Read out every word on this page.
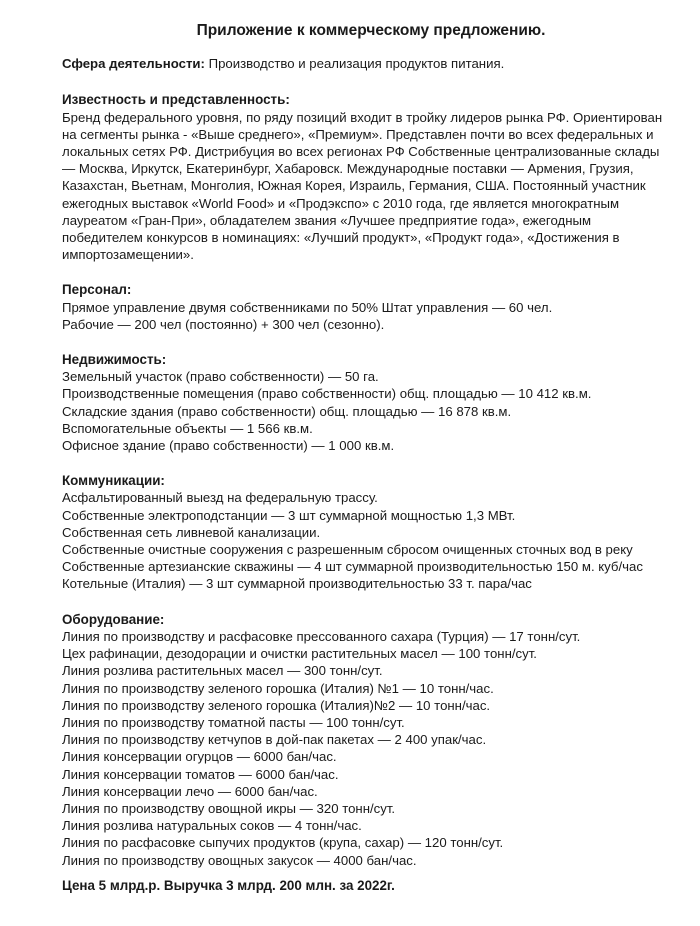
Приложение к коммерческому предложению.
Сфера деятельности: Производство и реализация продуктов питания.
Известность и представленность:

Бренд федерального уровня, по ряду позиций входит в тройку лидеров рынка РФ. Ориентирован на сегменты рынка - «Выше среднего», «Премиум». Представлен почти во всех федеральных и локальных сетях РФ. Дистрибуция во всех регионах РФ Собственные централизованные склады — Москва, Иркутск, Екатеринбург, Хабаровск. Международные поставки — Армения, Грузия, Казахстан, Вьетнам, Монголия, Южная Корея, Израиль, Германия, США. Постоянный участник ежегодных выставок «World Food» и «Продэкспо» с 2010 года, где является многократным лауреатом «Гран-При», обладателем звания «Лучшее предприятие года», ежегодным победителем конкурсов в номинациях: «Лучший продукт», «Продукт года», «Достижения в импортозамещении».

Персонал:
Прямое управление двумя собственниками по 50% Штат управления — 60 чел.
Рабочие — 200 чел (постоянно) + 300 чел (сезонно).
Недвижимость:
Земельный участок (право собственности) — 50 га.
Производственные помещения (право собственности) общ. площадью — 10 412 кв.м.
Складские здания (право собственности) общ. площадью — 16 878 кв.м.
Вспомогательные объекты — 1 566 кв.м.
Офисное здание (право собственности) — 1 000 кв.м.
Коммуникации:
Асфальтированный выезд на федеральную трассу.
Собственные электроподстанции — 3 шт суммарной мощностью 1,3 МВт.
Собственная сеть ливневой канализации.
Собственные очистные сооружения с разрешенным сбросом очищенных сточных вод в реку Собственные артезианские скважины — 4 шт суммарной производительностью 150 м. куб/час Котельные (Италия) — 3 шт суммарной производительностью 33 т. пара/час
Оборудование:
Линия по производству и расфасовке прессованного сахара (Турция) — 17 тонн/сут.
Цех рафинации, дезодорации и очистки растительных масел — 100 тонн/сут.
Линия розлива растительных масел — 300 тонн/сут.
Линия по производству зеленого горошка (Италия) №1 — 10 тонн/час.
Линия по производству зеленого горошка (Италия)№2 — 10 тонн/час.
Линия по производству томатной пасты — 100 тонн/сут.
Линия по производству кетчупов в дой-пак пакетах — 2 400 упак/час.
Линия консервации огурцов — 6000 бан/час.
Линия консервации томатов — 6000 бан/час.
Линия консервации лечо — 6000 бан/час.
Линия по производству овощной икры — 320 тонн/сут.
Линия розлива натуральных соков — 4 тонн/час.
Линия по расфасовке сыпучих продуктов (крупа, сахар) — 120 тонн/сут.
Линия по производству овощных закусок — 4000 бан/час.
Цена 5 млрд.р. Выручка 3 млрд. 200 млн. за 2022г.
